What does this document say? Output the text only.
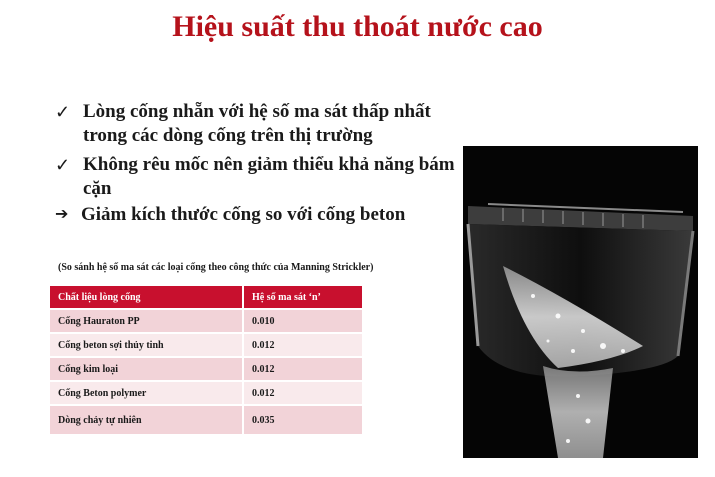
Hiệu suất thu thoát nước cao
✓ Lòng cống nhẵn với hệ số ma sát thấp nhất trong các dòng cống trên thị trường
✓ Không rêu mốc nên giảm thiểu khả năng bám cặn
➔ Giảm kích thước cống so với cống beton
(So sánh hệ số ma sát các loại cống theo công thức của Manning Strickler)
Chất liệu lòng cống	Hệ số ma sát ‘n’
Cống Hauraton PP	0.010
Cống beton sợi thủy tinh	0.012
Cống kim loại	0.012
Cống Beton polymer	0.012
Dòng chảy tự nhiên	0.035
